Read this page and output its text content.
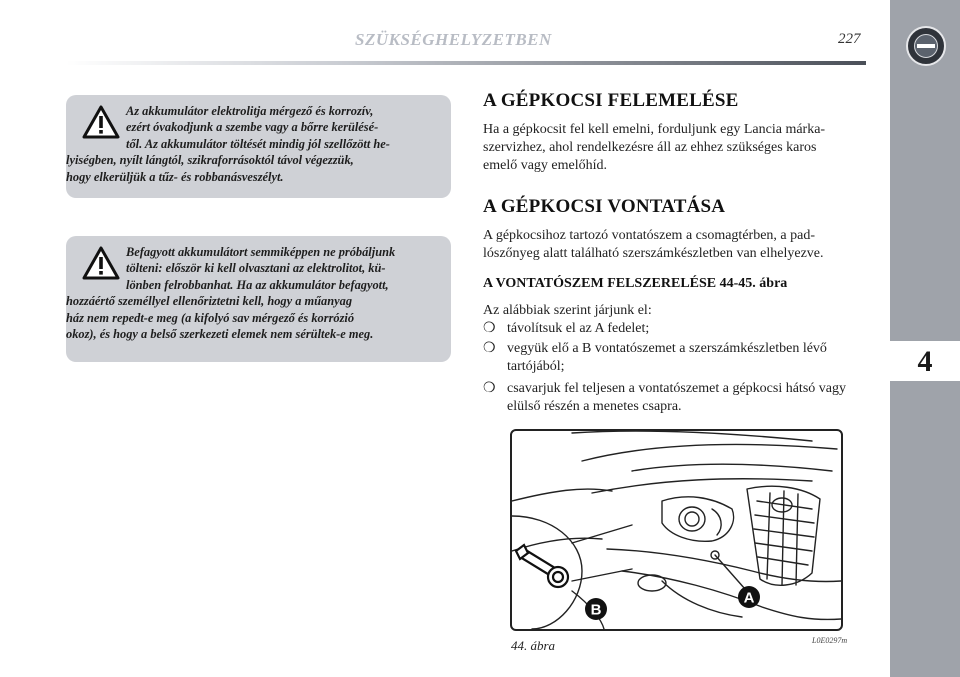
SZÜKSÉGHELYZETBEN	227
4
Az akkumulátor elektrolitja mérgező és korrozív,
ezért óvakodjunk a szembe vagy a bőrre kerülésé-
től. Az akkumulátor töltését mindig jól szellőzött he-
lyiségben, nyílt lángtól, szikraforrásoktól távol végezzük,
hogy elkerüljük a tűz- és robbanásveszélyt.
Befagyott akkumulátort semmiképpen ne próbáljunk
tölteni: először ki kell olvasztani az elektrolitot, kü-
lönben felrobbanhat. Ha az akkumulátor befagyott,
hozzáértő személlyel ellenőriztetni kell, hogy a műanyag
ház nem repedt-e meg (a kifolyó sav mérgező és korrózió
okoz), és hogy a belső szerkezeti elemek nem sérültek-e meg.
A GÉPKOCSI FELEMELÉSE
Ha a gépkocsit fel kell emelni, forduljunk egy Lancia márka-
szervizhez, ahol rendelkezésre áll az ehhez szükséges karos
emelő vagy emelőhíd.
A GÉPKOCSI VONTATÁSA
A gépkocsihoz tartozó vontatószem a csomagtérben, a pad-
lószőnyeg alatt található szerszámkészletben van elhelyezve.
A VONTATÓSZEM FELSZERELÉSE 44-45. ábra
Az alábbiak szerint járjunk el:
❍ távolítsuk el az A fedelet;
❍ vegyük elő a B vontatószemet a szerszámkészletben lévő
tartójából;
❍ csavarjuk fel teljesen a vontatószemet a gépkocsi hátsó vagy
elülső részén a menetes csapra.
A
B
44. ábra	L0E0297m
